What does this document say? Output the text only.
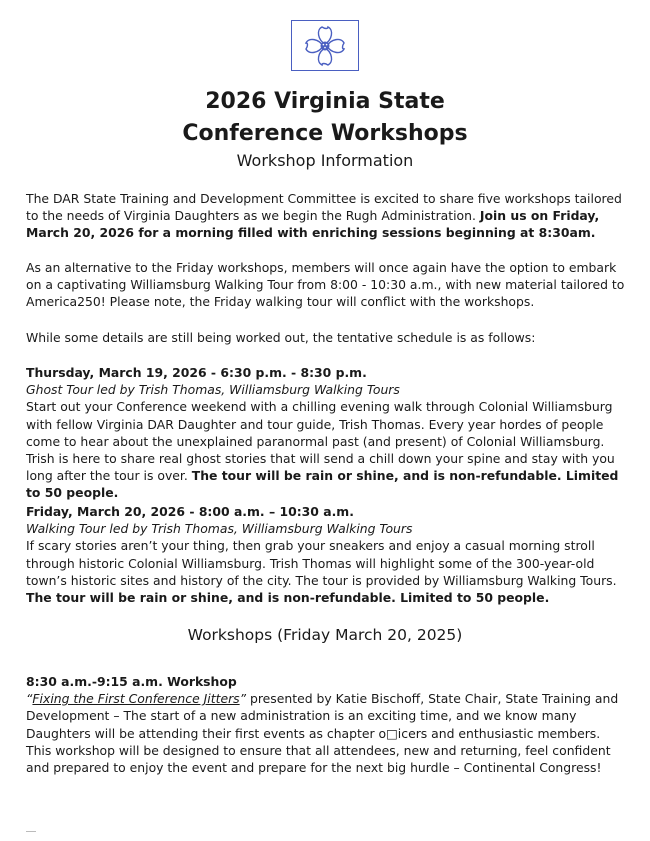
2026 Virginia State
Conference Workshops
Workshop Information

The DAR State Training and Development Committee is excited to share five workshops tailored to the needs of Virginia Daughters as we begin the Rugh Administration. Join us on Friday, March 20, 2026 for a morning filled with enriching sessions beginning at 8:30am.

As an alternative to the Friday workshops, members will once again have the option to embark on a captivating Williamsburg Walking Tour from 8:00 - 10:30 a.m., with new material tailored to America250! Please note, the Friday walking tour will conflict with the workshops.

While some details are still being worked out, the tentative schedule is as follows:

Thursday, March 19, 2026 - 6:30 p.m. - 8:30 p.m.
Ghost Tour led by Trish Thomas, Williamsburg Walking Tours
Start out your Conference weekend with a chilling evening walk through Colonial Williamsburg with fellow Virginia DAR Daughter and tour guide, Trish Thomas. Every year hordes of people come to hear about the unexplained paranormal past (and present) of Colonial Williamsburg. Trish is here to share real ghost stories that will send a chill down your spine and stay with you long after the tour is over. The tour will be rain or shine, and is non-refundable. Limited to 50 people.
Friday, March 20, 2026 - 8:00 a.m. – 10:30 a.m.
Walking Tour led by Trish Thomas, Williamsburg Walking Tours
If scary stories aren’t your thing, then grab your sneakers and enjoy a casual morning stroll through historic Colonial Williamsburg. Trish Thomas will highlight some of the 300-year-old town’s historic sites and history of the city. The tour is provided by Williamsburg Walking Tours. The tour will be rain or shine, and is non-refundable. Limited to 50 people.
Workshops (Friday March 20, 2025)
8:30 a.m.-9:15 a.m. Workshop
“Fixing the First Conference Jitters” presented by Katie Bischoff, State Chair, State Training and Development – The start of a new administration is an exciting time, and we know many Daughters will be attending their first events as chapter o□icers and enthusiastic members. This workshop will be designed to ensure that all attendees, new and returning, feel confident and prepared to enjoy the event and prepare for the next big hurdle – Continental Congress!
